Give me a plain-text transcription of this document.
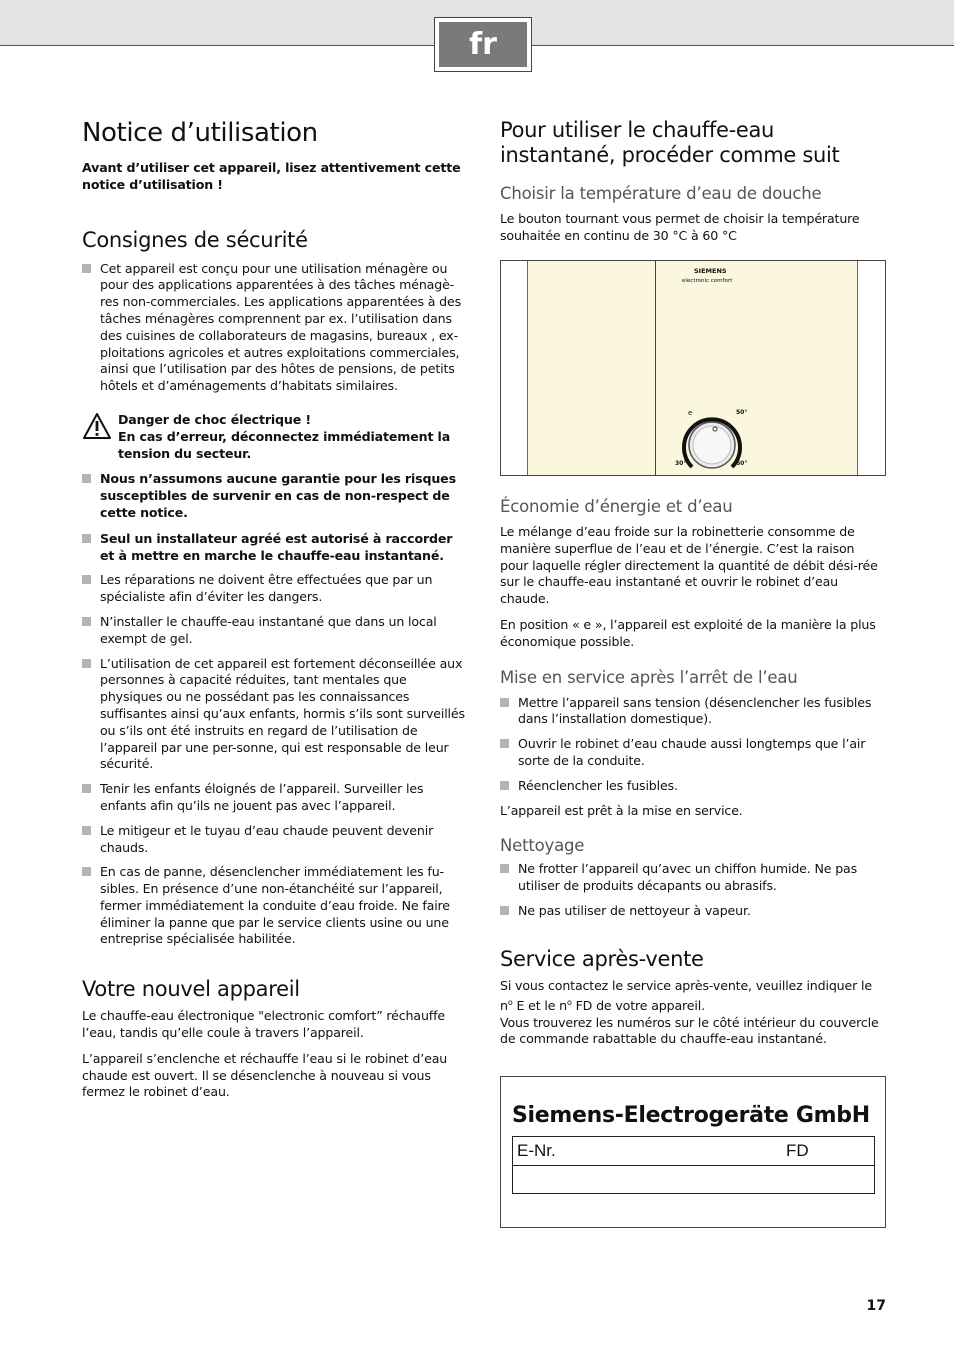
fr
Notice d’utilisation

Avant d’utiliser cet appareil, lisez attentivement cette notice d’utilisation !

Consignes de sécurité
Cet appareil est conçu pour une utilisation ménagère ou pour des applications apparentées à des tâches ménagè-res non-commerciales. Les applications apparentées à des tâches ménagères comprennent par ex. l’utilisation dans des cuisines de collaborateurs de magasins, bureaux , ex-ploitations agricoles et autres exploitations commerciales, ainsi que l’utilisation par des hôtes de pensions, de petits hôtels et d’aménagements d’habitats similaires.
Danger de choc électrique !
En cas d’erreur, déconnectez immédiatement la tension du secteur.
Nous n’assumons aucune garantie pour les risques susceptibles de survenir en cas de non-respect de cette notice.
Seul un installateur agréé est autorisé à raccorder et à mettre en marche le chauffe-eau instantané.
Les réparations ne doivent être effectuées que par un spécialiste afin d’éviter les dangers.
N’installer le chauffe-eau instantané que dans un local exempt de gel.
L’utilisation de cet appareil est fortement déconseillée aux personnes à capacité réduites, tant mentales que physiques ou ne possédant pas les connaissances suffisantes ainsi qu’aux enfants, hormis s’ils sont surveillés ou s’ils ont été instruits en regard de l’utilisation de l’appareil par une per-sonne, qui est responsable de leur sécurité.
Tenir les enfants éloignés de l’appareil. Surveiller les enfants afin qu’ils ne jouent pas avec l’appareil.
Le mitigeur et le tuyau d’eau chaude peuvent devenir chauds.
En cas de panne, désenclencher immédiatement les fu-sibles. En présence d’une non-étanchéité sur l’appareil, fermer immédiatement la conduite d’eau froide. Ne faire éliminer la panne que par le service clients usine ou une entreprise spécialisée habilitée.
Votre nouvel appareil

Le chauffe-eau électronique "electronic comfort” réchauffe l’eau, tandis qu’elle coule à travers l’appareil.

L’appareil s’enclenche et réchauffe l’eau si le robinet d’eau chaude est ouvert. Il se désenclenche à nouveau si vous fermez le robinet d’eau.

Pour utiliser le chauffe-eau instantané, procéder comme suit
Choisir la température d’eau de douche

Le bouton tournant vous permet de choisir la température souhaitée en continu de 30 °C à 60 °C

SIEMENS
electronic comfort
e	50°
30°	60°
Économie d’énergie et d’eau

Le mélange d’eau froide sur la robinetterie consomme de manière superflue de l’eau et de l’énergie. C’est la raison pour laquelle régler directement la quantité de débit dési-rée sur le chauffe-eau instantané et ouvrir le robinet d’eau chaude.

En position « e », l’appareil est exploité de la manière la plus économique possible.

Mise en service après l’arrêt de l’eau
Mettre l’appareil sans tension (désenclencher les fusibles dans l’installation domestique).
Ouvrir le robinet d’eau chaude aussi longtemps que l’air sorte de la conduite.
Réenclencher les fusibles.

L’appareil est prêt à la mise en service.

Nettoyage
Ne frotter l’appareil qu’avec un chiffon humide. Ne pas utiliser de produits décapants ou abrasifs.
Ne pas utiliser de nettoyeur à vapeur.
Service après-vente

Si vous contactez le service après-vente, veuillez indiquer le $n^o$ E et le $n^o$ FD de votre appareil.

Vous trouverez les numéros sur le côté intérieur du couvercle de commande rabattable du chauffe-eau instantané.

Siemens-Electrogeräte GmbH
E-Nr.	FD
17
